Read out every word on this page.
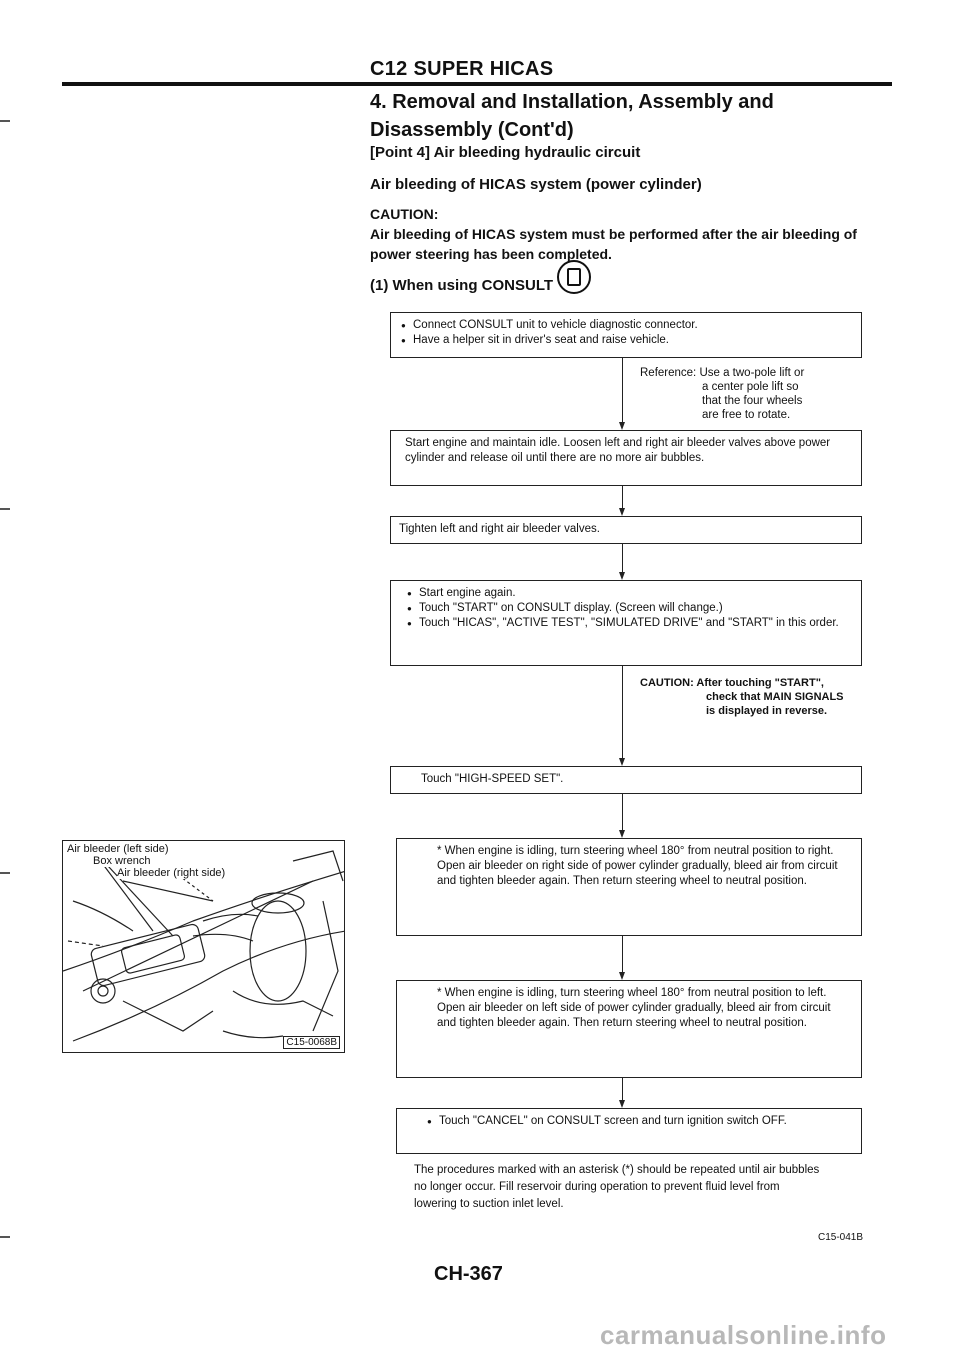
C12 SUPER HICAS
4. Removal and Installation, Assembly and Disassembly (Cont'd)
[Point 4] Air bleeding hydraulic circuit
Air bleeding of HICAS system (power cylinder)
CAUTION:
Air bleeding of HICAS system must be performed after the air bleeding of power steering has been completed.
(1) When using CONSULT
● Connect CONSULT unit to vehicle diagnostic connector.
● Have a helper sit in driver's seat and raise vehicle.
Reference: Use a two-pole lift or
a center pole lift so
that the four wheels
are free to rotate.
Start engine and maintain idle. Loosen left and right air bleeder valves above power cylinder and release oil until there are no more air bubbles.
Tighten left and right air bleeder valves.
● Start engine again.
● Touch "START" on CONSULT display. (Screen will change.)
● Touch "HICAS", "ACTIVE TEST", "SIMULATED DRIVE" and "START" in this order.
CAUTION: After touching "START",
check that MAIN SIGNALS
is displayed in reverse.
Touch "HIGH-SPEED SET".
* When engine is idling, turn steering wheel 180° from neutral position to right. Open air bleeder on right side of power cylinder gradually, bleed air from circuit and tighten bleeder again. Then return steering wheel to neutral position.
* When engine is idling, turn steering wheel 180° from neutral position to left. Open air bleeder on left side of power cylinder gradually, bleed air from circuit and tighten bleeder again. Then return steering wheel to neutral position.
● Touch "CANCEL" on CONSULT screen and turn ignition switch OFF.
Air bleeder (left side)
Box wrench
Air bleeder (right side)
C15-0068B
The procedures marked with an asterisk (*) should be repeated until air bubbles no longer occur. Fill reservoir during operation to prevent fluid level from lowering to suction inlet level.
C15-041B
CH-367
carmanualsonline.info
